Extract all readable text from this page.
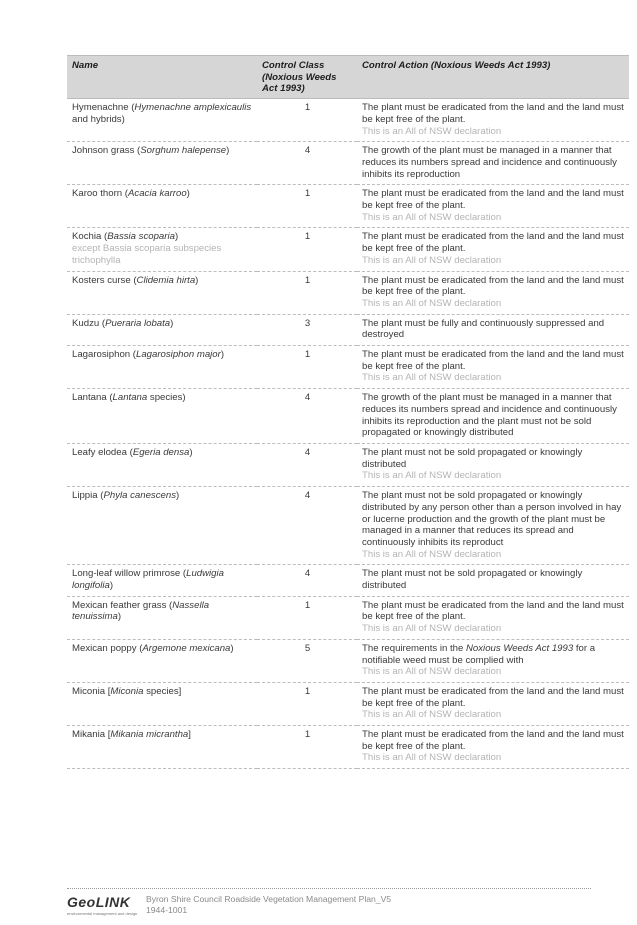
Name	Control Class (Noxious Weeds Act 1993)	Control Action (Noxious Weeds Act 1993)
Hymenachne (Hymenachne amplexicaulis and hybrids)	1	The plant must be eradicated from the land and the land must be kept free of the plant.
This is an All of NSW declaration

Johnson grass (Sorghum halepense)	4	The growth of the plant must be managed in a manner that reduces its numbers spread and incidence and continuously inhibits its reproduction

Karoo thorn (Acacia karroo)	1	The plant must be eradicated from the land and the land must be kept free of the plant.
This is an All of NSW declaration

Kochia (Bassia scoparia)
except Bassia scoparia subspecies trichophylla	1	The plant must be eradicated from the land and the land must be kept free of the plant.
This is an All of NSW declaration

Kosters curse (Clidemia hirta)	1	The plant must be eradicated from the land and the land must be kept free of the plant.
This is an All of NSW declaration

Kudzu (Pueraria lobata)	3	The plant must be fully and continuously suppressed and destroyed

Lagarosiphon (Lagarosiphon major)	1	The plant must be eradicated from the land and the land must be kept free of the plant.
This is an All of NSW declaration

Lantana (Lantana species)	4	The growth of the plant must be managed in a manner that reduces its numbers spread and incidence and continuously inhibits its reproduction and the plant must not be sold propagated or knowingly distributed

Leafy elodea (Egeria densa)	4	The plant must not be sold propagated or knowingly distributed
This is an All of NSW declaration

Lippia (Phyla canescens)	4	The plant must not be sold propagated or knowingly distributed by any person other than a person involved in hay or lucerne production and the growth of the plant must be managed in a manner that reduces its spread and continuously inhibits its reproduct
This is an All of NSW declaration

Long-leaf willow primrose (Ludwigia longifolia)	4	The plant must not be sold propagated or knowingly distributed

Mexican feather grass (Nassella tenuissima)	1	The plant must be eradicated from the land and the land must be kept free of the plant.
This is an All of NSW declaration

Mexican poppy (Argemone mexicana)	5	The requirements in the Noxious Weeds Act 1993 for a notifiable weed must be complied with
This is an All of NSW declaration

Miconia [Miconia species]	1	The plant must be eradicated from the land and the land must be kept free of the plant.
This is an All of NSW declaration

Mikania [Mikania micrantha]	1	The plant must be eradicated from the land and the land must be kept free of the plant.
This is an All of NSW declaration
GeoLINK
environmental management and design
Byron Shire Council Roadside Vegetation Management Plan_V5
1944-1001
